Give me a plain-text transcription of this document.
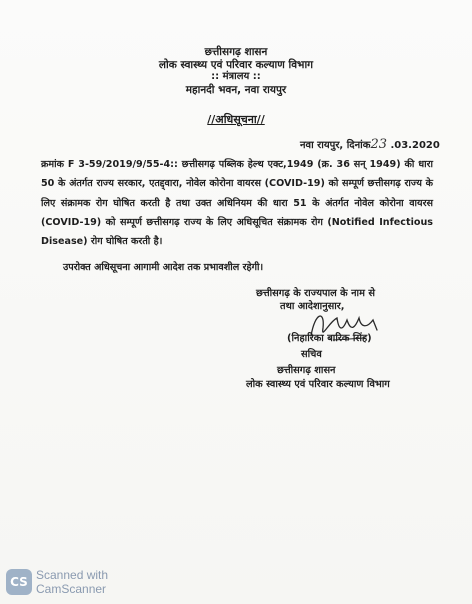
छत्तीसगढ़ शासन
लोक स्वास्थ्य एवं परिवार कल्याण विभाग
:: मंत्रालय ::
महानदी भवन, नवा रायपुर
//अधिसूचना//
नवा रायपुर, दिनांक23 .03.2020
क्रमांक F 3-59/2019/9/55-4:: छत्तीसगढ़ पब्लिक हेल्थ एक्ट,1949 (क्र. 36 सन् 1949) की धारा 50 के अंतर्गत राज्य सरकार, एतद्द्वारा, नोवेल कोरोना वायरस (COVID-19) को सम्पूर्ण छत्तीसगढ़ राज्य के लिए संक्रामक रोग घोषित करती है तथा उक्त अधिनियम की धारा 51 के अंतर्गत नोवेल कोरोना वायरस (COVID-19) को सम्पूर्ण छत्तीसगढ़ राज्य के लिए अधिसूचित संक्रामक रोग (Notified Infectious Disease) रोग घोषित करती है।
उपरोक्त अधिसूचना आगामी आदेश तक प्रभावशील रहेगी।
छत्तीसगढ़ के राज्यपाल के नाम से
तथा आदेशानुसार,
(निहारिका बारिक सिंह)
सचिव
छत्तीसगढ़ शासन
लोक स्वास्थ्य एवं परिवार कल्याण विभाग
CS Scanned with
CamScanner
